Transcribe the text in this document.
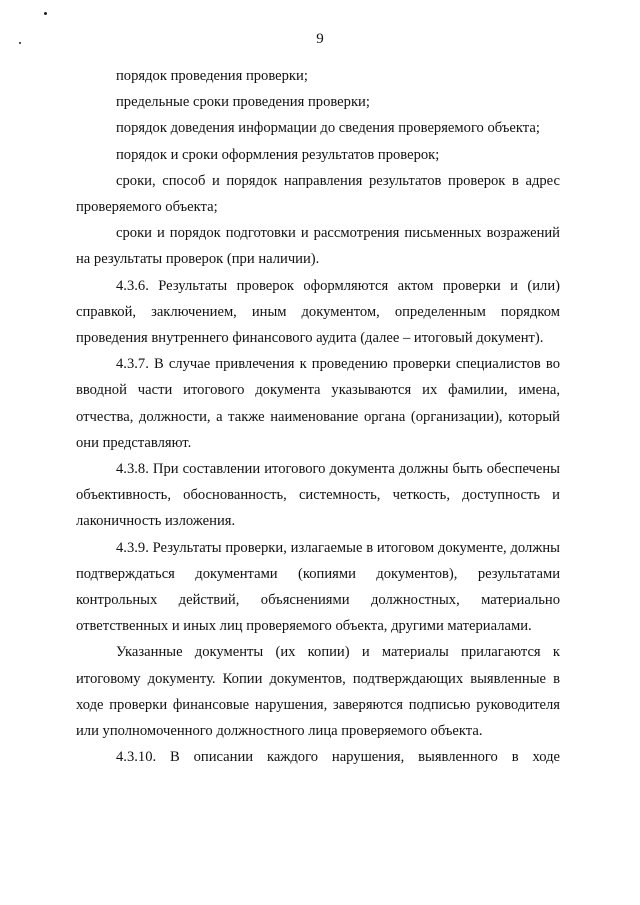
9

порядок проведения проверки;

предельные сроки проведения проверки;

порядок доведения информации до сведения проверяемого объекта;

порядок и сроки оформления результатов проверок;

сроки, способ и порядок направления результатов проверок в адрес проверяемого объекта;

сроки и порядок подготовки и рассмотрения письменных возражений на результаты проверок (при наличии).

4.3.6. Результаты проверок оформляются актом проверки и (или) справкой, заключением, иным документом, определенным порядком проведения внутреннего финансового аудита (далее – итоговый документ).

4.3.7. В случае привлечения к проведению проверки специалистов во вводной части итогового документа указываются их фамилии, имена, отчества, должности, а также наименование органа (организации), который они представляют.

4.3.8. При составлении итогового документа должны быть обеспечены объективность, обоснованность, системность, четкость, доступность и лаконичность изложения.

4.3.9. Результаты проверки, излагаемые в итоговом документе, должны подтверждаться документами (копиями документов), результатами контрольных действий, объяснениями должностных, материально ответственных и иных лиц проверяемого объекта, другими материалами.

Указанные документы (их копии) и материалы прилагаются к итоговому документу. Копии документов, подтверждающих выявленные в ходе проверки финансовые нарушения, заверяются подписью руководителя или уполномоченного должностного лица проверяемого объекта.

4.3.10. В описании каждого нарушения, выявленного в ходе
